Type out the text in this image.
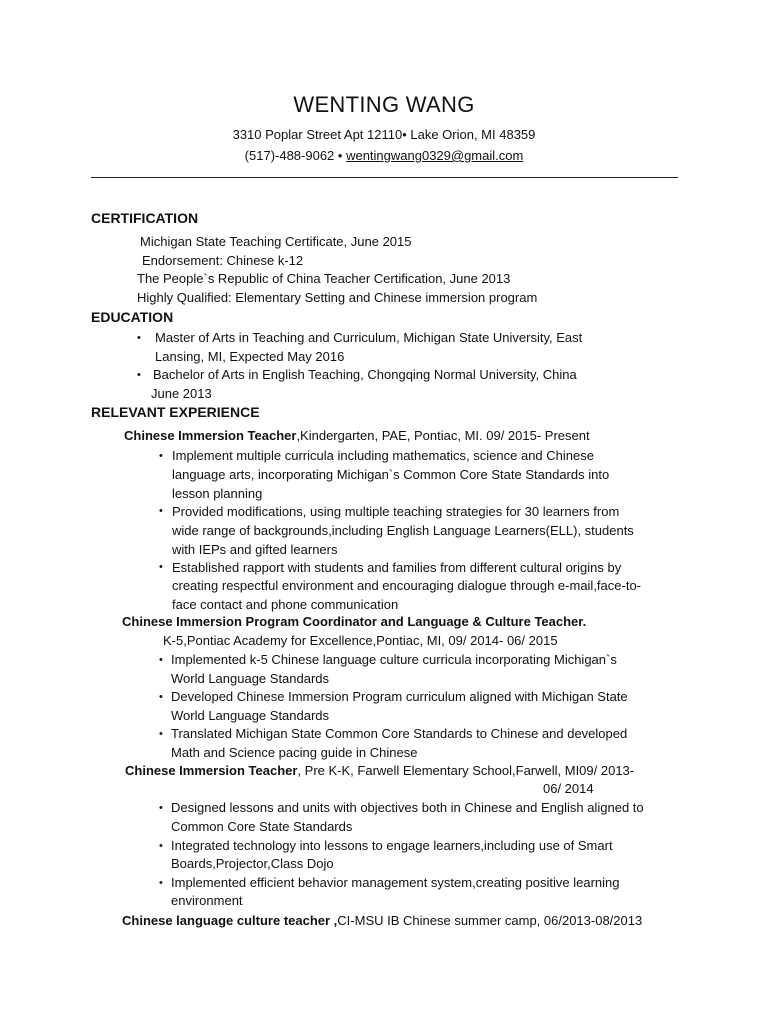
WENTING WANG
3310 Poplar Street Apt 12110• Lake Orion, MI 48359
(517)-488-9062 • wentingwang0329@gmail.com
CERTIFICATION
Michigan State Teaching Certificate, June 2015
Endorsement: Chinese k-12
The People`s Republic of China Teacher Certification, June 2013
Highly Qualified: Elementary Setting and Chinese immersion program
EDUCATION
• Master of Arts in Teaching and Curriculum, Michigan State University, East
Lansing, MI, Expected May 2016
• Bachelor of Arts in English Teaching, Chongqing Normal University, China
June 2013
RELEVANT EXPERIENCE
Chinese Immersion Teacher,Kindergarten, PAE, Pontiac, MI. 09/ 2015- Present
• Implement multiple curricula including mathematics, science and Chinese
language arts, incorporating Michigan`s Common Core State Standards into
lesson planning
• Provided modifications, using multiple teaching strategies for 30 learners from
wide range of backgrounds,including English Language Learners(ELL), students
with IEPs and gifted learners
• Established rapport with students and families from different cultural origins by
creating respectful environment and encouraging dialogue through e-mail,face-to-
face contact and phone communication
Chinese Immersion Program Coordinator and Language & Culture Teacher.
K-5,Pontiac Academy for Excellence,Pontiac, MI, 09/ 2014- 06/ 2015
• Implemented k-5 Chinese language culture curricula incorporating Michigan`s
World Language Standards
• Developed Chinese Immersion Program curriculum aligned with Michigan State
World Language Standards
• Translated Michigan State Common Core Standards to Chinese and developed
Math and Science pacing guide in Chinese
Chinese Immersion Teacher, Pre K-K, Farwell Elementary School,Farwell, MI09/ 2013-
06/ 2014
• Designed lessons and units with objectives both in Chinese and English aligned to
Common Core State Standards
• Integrated technology into lessons to engage learners,including use of Smart
Boards,Projector,Class Dojo
• Implemented efficient behavior management system,creating positive learning
environment
Chinese language culture teacher ,CI-MSU IB Chinese summer camp, 06/2013-08/2013
